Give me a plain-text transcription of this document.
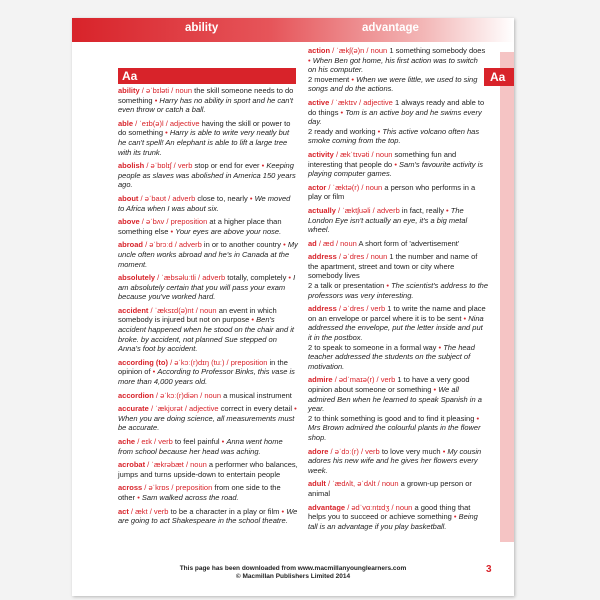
ability	advantage
Aa
Aa
ability / əˈbɪləti / noun the skill someone needs to do something • Harry has no ability in sport and he can't even throw or catch a ball.
able / ˈeɪb(ə)l / adjective having the skill or power to do something • Harry is able to write very neatly but he can't spell! An elephant is able to lift a large tree with its trunk.
abolish / əˈbɒlɪʃ / verb stop or end for ever • Keeping people as slaves was abolished in America 150 years ago.
about / əˈbaʊt / adverb close to, nearly • We moved to Africa when I was about six.
above / əˈbʌv / preposition at a higher place than something else • Your eyes are above your nose.
abroad / əˈbrɔːd / adverb in or to another country • My uncle often works abroad and he's in Canada at the moment.
absolutely / ˈæbsəluːtli / adverb totally, completely • I am absolutely certain that you will pass your exam because you've worked hard.
accident / ˈæksɪd(ə)nt / noun an event in which somebody is injured but not on purpose • Ben's accident happened when he stood on the chair and it broke. by accident, not planned Sue stepped on Anna's foot by accident.
according (to) / əˈkɔː(r)dɪŋ (tuː) / preposition in the opinion of • According to Professor Binks, this vase is more than 4,000 years old.
accordion / əˈkɔː(r)diən / noun a musical instrument
accurate / ˈækjʊrət / adjective correct in every detail • When you are doing science, all measurements must be accurate.
ache / eɪk / verb to feel painful • Anna went home from school because her head was aching.
acrobat / ˈækrəbæt / noun a performer who balances, jumps and turns upside-down to entertain people
across / əˈkrɒs / preposition from one side to the other • Sam walked across the road.
act / ækt / verb to be a character in a play or film • We are going to act Shakespeare in the school theatre.
action / ˈækʃ(ə)n / noun 1 something somebody does • When Ben got home, his first action was to switch on his computer.
2 movement • When we were little, we used to sing songs and do the actions.
active / ˈæktɪv / adjective 1 always ready and able to do things • Tom is an active boy and he swims every day.
2 ready and working • This active volcano often has smoke coming from the top.
activity / ækˈtɪvəti / noun something fun and interesting that people do • Sam's favourite activity is playing computer games.
actor / ˈæktə(r) / noun a person who performs in a play or film
actually / ˈæktʃuəli / adverb in fact, really • The London Eye isn't actually an eye, it's a big metal wheel.
ad / æd / noun A short form of 'advertisement'
address / əˈdres / noun 1 the number and name of the apartment, street and town or city where somebody lives
2 a talk or presentation • The scientist's address to the professors was very interesting.
address / əˈdres / verb 1 to write the name and place on an envelope or parcel where it is to be sent • Nina addressed the envelope, put the letter inside and put it in the postbox.
2 to speak to someone in a formal way • The head teacher addressed the students on the subject of motivation.
admire / ədˈmaɪə(r) / verb 1 to have a very good opinion about someone or something • We all admired Ben when he learned to speak Spanish in a year.
2 to think something is good and to find it pleasing • Mrs Brown admired the colourful plants in the flower shop.
adore / əˈdɔː(r) / verb to love very much • My cousin adores his new wife and he gives her flowers every week.
adult / ˈædʌlt, əˈdʌlt / noun a grown-up person or animal
advantage / ədˈvɑːntɪdʒ / noun a good thing that helps you to succeed or achieve something • Being tall is an advantage if you play basketball.
This page has been downloaded from www.macmillanyounglearners.com
© Macmillan Publishers Limited 2014
3
